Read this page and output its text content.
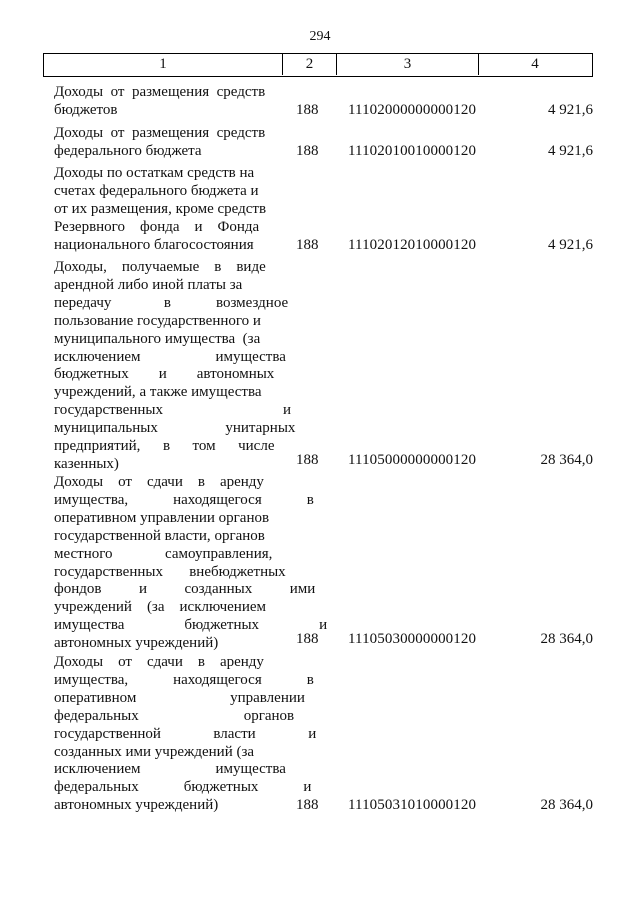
294
1	2	3	4
Доходы от размещения средств
бюджетов	188 11102000000000120	4 921,6
Доходы от размещения средств
федерального бюджета	188 11102010010000120	4 921,6
Доходы по остаткам средств на
счетах федерального бюджета и
от их размещения, кроме средств
Резервного фонда и Фонда
национального благосостояния	188 11102012010000120	4 921,6
Доходы, получаемые в виде
арендной либо иной платы за
передачу	в	возмездное
пользование государственного и
муниципального имущества (за
исключением	имущества
бюджетных и автономных
учреждений, а также имущества
государственных	и
муниципальных	унитарных
предприятий, в том числе
казенных)	188 11105000000000120	28 364,0
Доходы от сдачи в аренду
имущества,	находящегося	в
оперативном управлении органов
государственной власти, органов
местного	самоуправления,
государственных внебюджетных
фондов	и	созданных	ими
учреждений (за исключением
имущества	бюджетных	и
автономных учреждений)	188 11105030000000120	28 364,0
Доходы от сдачи в аренду
имущества,	находящегося	в
оперативном	управлении
федеральных	органов
государственной	власти	и
созданных ими учреждений (за
исключением	имущества
федеральных	бюджетных	и
автономных учреждений)	188 11105031010000120	28 364,0
